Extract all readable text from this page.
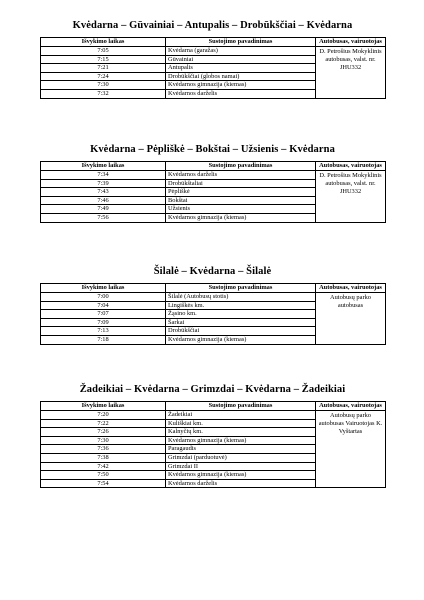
Kvėdarna – Gūvainiai – Antupalis – Drobūkščiai – Kvėdarna
Išvykimo laikas	Sustojimo pavadinimas	Autobusas, vairuotojas
7:05	Kvėdarna (garažas)	D. Petrošius Mokyklinis autobusas, valst. nr. JHU332
7:15	Gūvainiai	
7:21	Antupalis	
7:24	Drobūkščiai (globos namai)	
7:30	Kvėdarnos gimnazija (kiemas)	
7:32	Kvėdarnos darželis	
Kvėdarna – Pėpliškė – Bokštai – Užsienis – Kvėdarna
Išvykimo laikas	Sustojimo pavadinimas	Autobusas, vairuotojas
7:34	Kvėdarnos darželis	D. Petrošius Mokyklinis autobusas, valst. nr. JHU332
7:39	Drobūkštaliai	
7:43	Pėpliškė	
7:46	Bokštai	
7:49	Užsienis	
7:56	Kvėdarnos gimnazija (kiemas)	
Šilalė – Kvėdarna – Šilalė
Išvykimo laikas	Sustojimo pavadinimas	Autobusas, vairuotojas
7:00	Šilalė (Autobusų stotis)	Autobusų parko autobusas
7:04	Lingiškės km.	
7:07	Žąsino km.	
7:09	Šarkai	
7:13	Drobūkščiai	
7:18	Kvėdarnos gimnazija (kiemas)	
Žadeikiai – Kvėdarna – Grimzdai – Kvėdarna – Žadeikiai
Išvykimo laikas	Sustojimo pavadinimas	Autobusas, vairuotojas
7:20	Žadeikiai	Autobusų parko autobusas Vairuotojas K. Vyštartas
7:22	Kuliškiai km.	
7:26	Kalnyčių km.	
7:30	Kvėdarnos gimnazija (kiemas)	
7:36	Paragaudis	
7:38	Grimzdai (parduotuvė)	
7:42	Grimzdai II	
7:50	Kvėdarnos gimnazija (kiemas)	
7:54	Kvėdarnos darželis	
